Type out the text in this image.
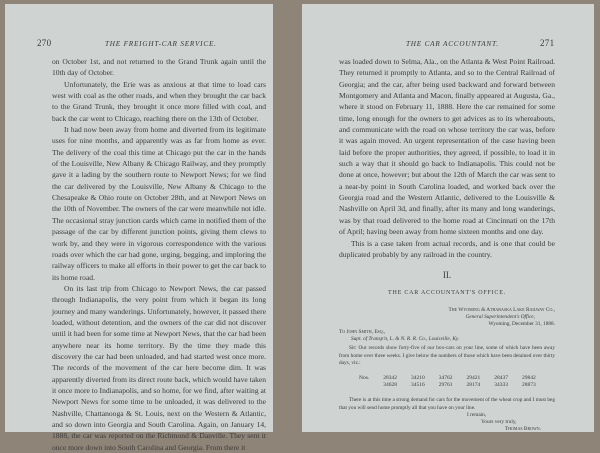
270	THE FREIGHT-CAR SERVICE.

on October 1st, and not returned to the Grand Trunk again until the 10th day of October.

Unfortunately, the Erie was as anxious at that time to load cars west with coal as the other roads, and when they brought the car back to the Grand Trunk, they brought it once more filled with coal, and back the car went to Chicago, reaching there on the 13th of October.

It had now been away from home and diverted from its legitimate uses for nine months, and apparently was as far from home as ever. The delivery of the coal this time at Chicago put the car in the hands of the Louisville, New Albany & Chicago Railway, and they promptly gave it a lading by the southern route to Newport News; for we find the car delivered by the Louisville, New Albany & Chicago to the Chesapeake & Ohio route on October 28th, and at Newport News on the 10th of November. The owners of the car were meanwhile not idle. The occasional stray junction cards which came in notified them of the passage of the car by different junction points, giving them clews to work by, and they were in vigorous correspondence with the various roads over which the car had gone, urging, begging, and imploring the railway officers to make all efforts in their power to get the car back to its home road.

On its last trip from Chicago to Newport News, the car passed through Indianapolis, the very point from which it began its long journey and many wanderings. Unfortunately, however, it passed there loaded, without detention, and the owners of the car did not discover until it had been for some time at Newport News, that the car had been anywhere near its home territory. By the time they made this discovery the car had been unloaded, and had started west once more. The records of the movement of the car here become dim. It was apparently diverted from its direct route back, which would have taken it once more to Indianapolis, and so home, for we find, after waiting at Newport News for some time to be unloaded, it was delivered to the Nashville, Chattanooga & St. Louis, next on the Western & Atlantic, and so down into Georgia and South Carolina. Again, on January 14, 1888, the car was reported on the Richmond & Danville. They sent it once more down into South Carolina and Georgia. From there it

THE CAR ACCOUNTANT.	271

was loaded down to Selma, Ala., on the Atlanta & West Point Railroad. They returned it promptly to Atlanta, and so to the Central Railroad of Georgia; and the car, after being used backward and forward between Montgomery and Atlanta and Macon, finally appeared at Augusta, Ga., where it stood on February 11, 1888. Here the car remained for some time, long enough for the owners to get advices as to its whereabouts, and communicate with the road on whose territory the car was, before it was again moved. An urgent representation of the case having been laid before the proper authorities, they agreed, if possible, to load it in such a way that it should go back to Indianapolis. This could not be done at once, however; but about the 12th of March the car was sent to a near-by point in South Carolina loaded, and worked back over the Georgia road and the Western Atlantic, delivered to the Louisville & Nashville on April 3d, and finally, after its many and long wanderings, was by that road delivered to the home road at Cincinnati on the 17th of April; having been away from home sixteen months and one day.

This is a case taken from actual records, and is one that could be duplicated probably by any railroad in the country.

II.
THE CAR ACCOUNTANT'S OFFICE.
The Wyoming & Athabaska Lake Railway Co.,
General Superintendent's Office,
Wyoming, December 31, 1888.
To John Smith, Esq.,
Supt. of Transp'n, L. & N. R. R. Co., Louisville, Ky.
Sir: Our records show forty-five of our box-cars on your line, some of which have been away from home over three weeks. I give below the numbers of those which have been detained over thirty days, viz.:
Nos.	28342	34210	34762	29421	28437	29842
	34628	34516	29761	28174	34333	28873
There is at this time a strong demand for cars for the movement of the wheat crop and I must beg that you will send home promptly all that you have on your line.
I remain,
Yours very truly,
Thomas Brown.
